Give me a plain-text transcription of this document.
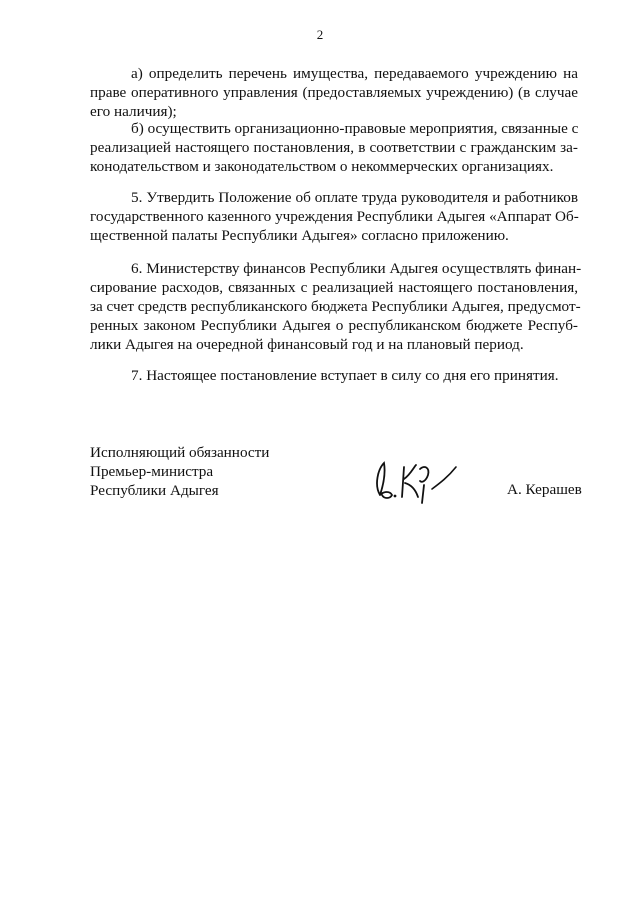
2
а) определить перечень имущества, передаваемого учреждению на
праве оперативного управления (предоставляемых учреждению) (в случае
его наличия);
б) осуществить организационно-правовые мероприятия, связанные с
реализацией настоящего постановления, в соответствии с гражданским за-
конодательством и законодательством о некоммерческих организациях.
5. Утвердить Положение об оплате труда руководителя и работников
государственного казенного учреждения Республики Адыгея «Аппарат Об-
щественной палаты Республики Адыгея» согласно приложению.
6. Министерству финансов Республики Адыгея осуществлять финан-
сирование расходов, связанных с реализацией настоящего постановления,
за счет средств республиканского бюджета Республики Адыгея, предусмот-
ренных законом Республики Адыгея о республиканском бюджете Респуб-
лики Адыгея на очередной финансовый год и на плановый период.
7. Настоящее постановление вступает в силу со дня его принятия.
Исполняющий обязанности
Премьер-министра
Республики Адыгея	А. Керашев
